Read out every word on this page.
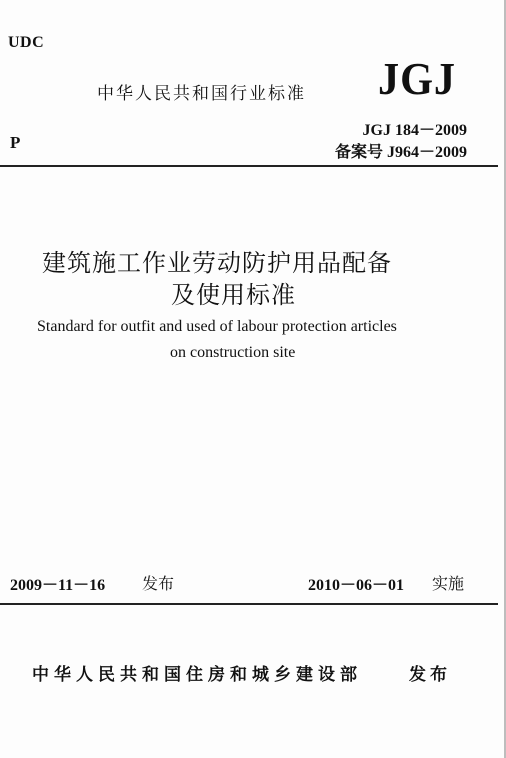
UDC
中华人民共和国行业标准 JGJ
P
JGJ 184－2009
备案号 J964－2009
建筑施工作业劳动防护用品配备
及使用标准
Standard for outfit and used of labour protection articles
on construction site
2009－11－16 发布	2010－06－01 实施
中华人民共和国住房和城乡建设部	发布
